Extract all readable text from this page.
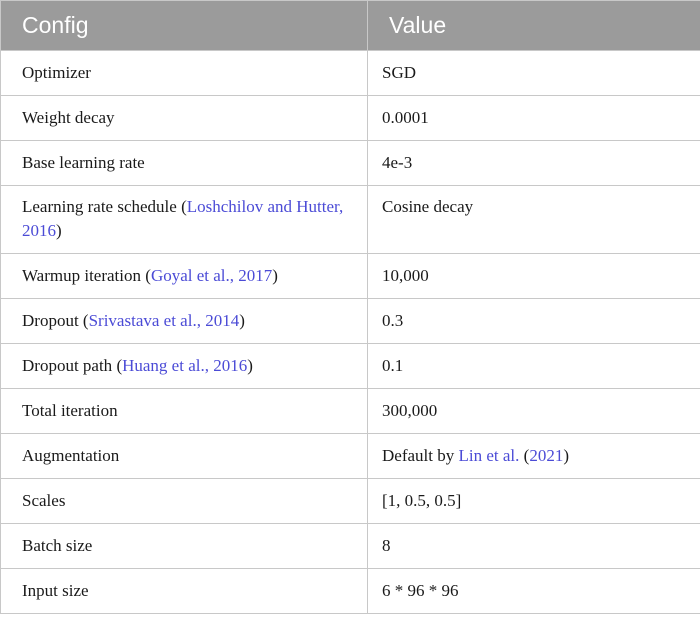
Config	Value
Optimizer	SGD
Weight decay	0.0001
Base learning rate	4e-3
Learning rate schedule (Loshchilov and Hutter, 2016)	Cosine decay
Warmup iteration (Goyal et al., 2017)	10,000
Dropout (Srivastava et al., 2014)	0.3
Dropout path (Huang et al., 2016)	0.1
Total iteration	300,000
Augmentation	Default by Lin et al. (2021)
Scales	[1, 0.5, 0.5]
Batch size	8
Input size	6 * 96 * 96
